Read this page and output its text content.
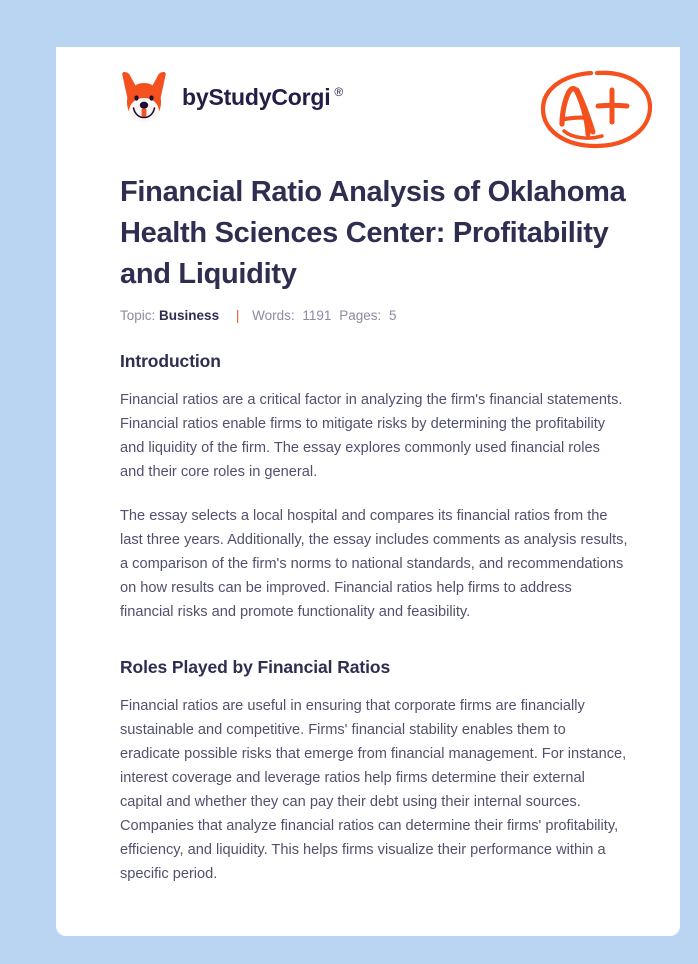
by StudyCorgi ®
Financial Ratio Analysis of Oklahoma Health Sciences Center: Profitability and Liquidity
Topic: Business | Words: 1191 Pages: 5
Introduction

Financial ratios are a critical factor in analyzing the firm's financial statements. Financial ratios enable firms to mitigate risks by determining the profitability and liquidity of the firm. The essay explores commonly used financial roles and their core roles in general.

The essay selects a local hospital and compares its financial ratios from the last three years. Additionally, the essay includes comments as analysis results, a comparison of the firm's norms to national standards, and recommendations on how results can be improved. Financial ratios help firms to address financial risks and promote functionality and feasibility.

Roles Played by Financial Ratios

Financial ratios are useful in ensuring that corporate firms are financially sustainable and competitive. Firms' financial stability enables them to eradicate possible risks that emerge from financial management. For instance, interest coverage and leverage ratios help firms determine their external capital and whether they can pay their debt using their internal sources. Companies that analyze financial ratios can determine their firms' profitability, efficiency, and liquidity. This helps firms visualize their performance within a specific period.
